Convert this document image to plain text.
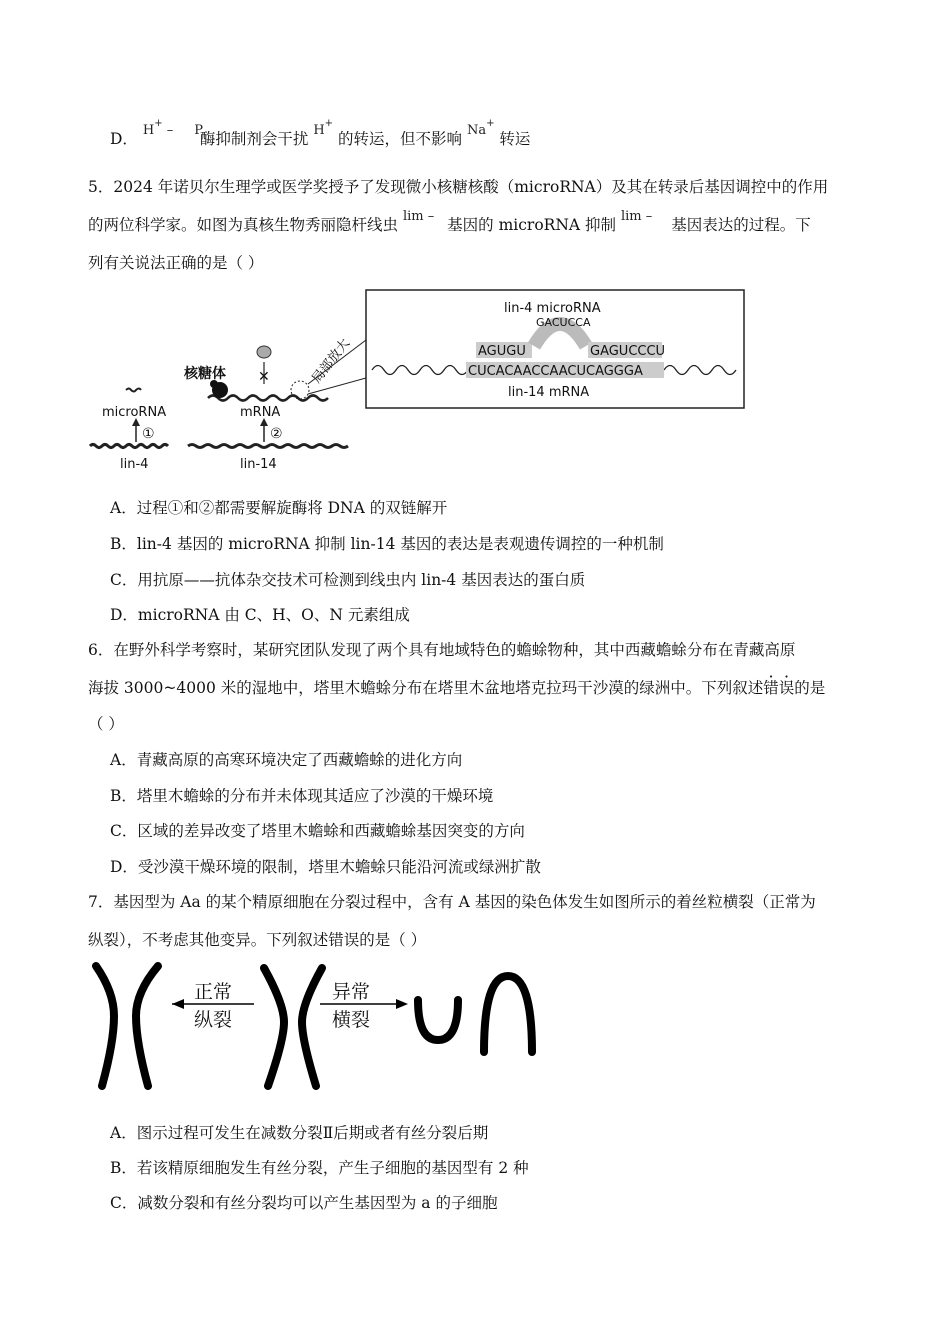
D． $^{H^+ -}$ $^P$ 酶抑制剂会干扰 $^{H^+}$ 的转运，但不影响 $^{Na^+}$ 转运
5．2024 年诺贝尔生理学或医学奖授予了发现微小核糖核酸（microRNA）及其在转录后基因调控中的作用
的两位科学家。如图为真核生物秀丽隐杆线虫 $^{lim -}$ 基因的 microRNA 抑制 $^{lim -}$ 基因表达的过程。下
列有关说法正确的是（ ）
①	②
lin-4	lin-14
microRNA	mRNA
核糖体 ✕	局部放大
lin-4 microRNA
CUCACAACCAACUCAGGGA
AGUGU
GACUCCA
GAGUCCCU
lin-14 mRNA
A．过程①和②都需要解旋酶将 DNA 的双链解开
B．lin-4 基因的 microRNA 抑制 lin-14 基因的表达是表观遗传调控的一种机制
C．用抗原——抗体杂交技术可检测到线虫内 lin-4 基因表达的蛋白质
D．microRNA 由 C、H、O、N 元素组成
6．在野外科学考察时，某研究团队发现了两个具有地域特色的蟾蜍物种，其中西藏蟾蜍分布在青藏高原
海拔 3000~4000 米的湿地中，塔里木蟾蜍分布在塔里木盆地塔克拉玛干沙漠的绿洲中。下列叙述错误的是
（ ）
A．青藏高原的高寒环境决定了西藏蟾蜍的进化方向
B．塔里木蟾蜍的分布并未体现其适应了沙漠的干燥环境
C．区域的差异改变了塔里木蟾蜍和西藏蟾蜍基因突变的方向
D．受沙漠干燥环境的限制，塔里木蟾蜍只能沿河流或绿洲扩散
7．基因型为 Aa 的某个精原细胞在分裂过程中，含有 A 基因的染色体发生如图所示的着丝粒横裂（正常为
纵裂），不考虑其他变异。下列叙述错误的是（ ）
正常
纵裂
异常
横裂
A．图示过程可发生在减数分裂Ⅱ后期或者有丝分裂后期
B．若该精原细胞发生有丝分裂，产生子细胞的基因型有 2 种
C．减数分裂和有丝分裂均可以产生基因型为 a 的子细胞
